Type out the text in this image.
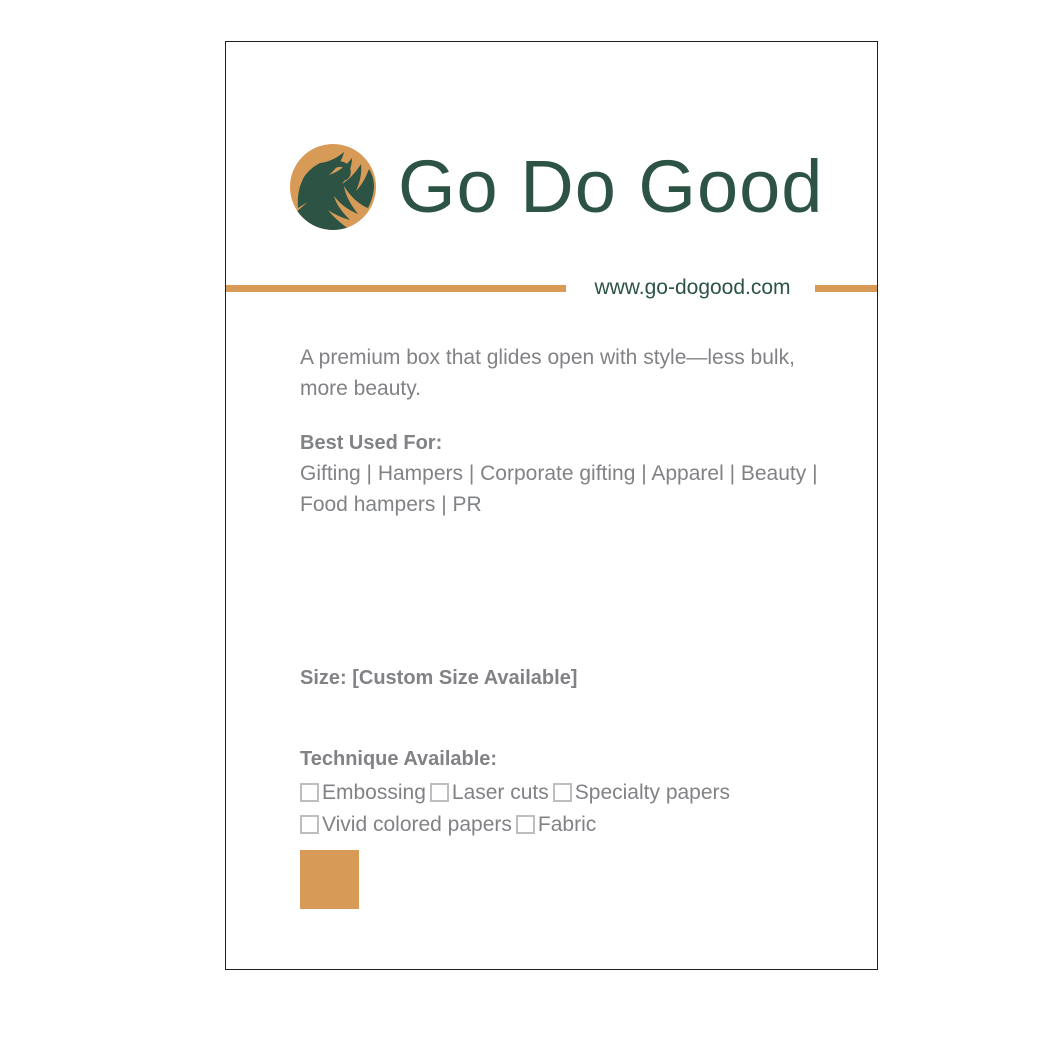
Go Do Good
www.go-dogood.com

A premium box that glides open with style—less bulk, more beauty.

Best Used For:

Gifting | Hampers | Corporate gifting | Apparel | Beauty | Food hampers | PR

Size: [Custom Size Available]

Technique Available:

Embossing Laser cuts Specialty papersVivid colored papers Fabric
